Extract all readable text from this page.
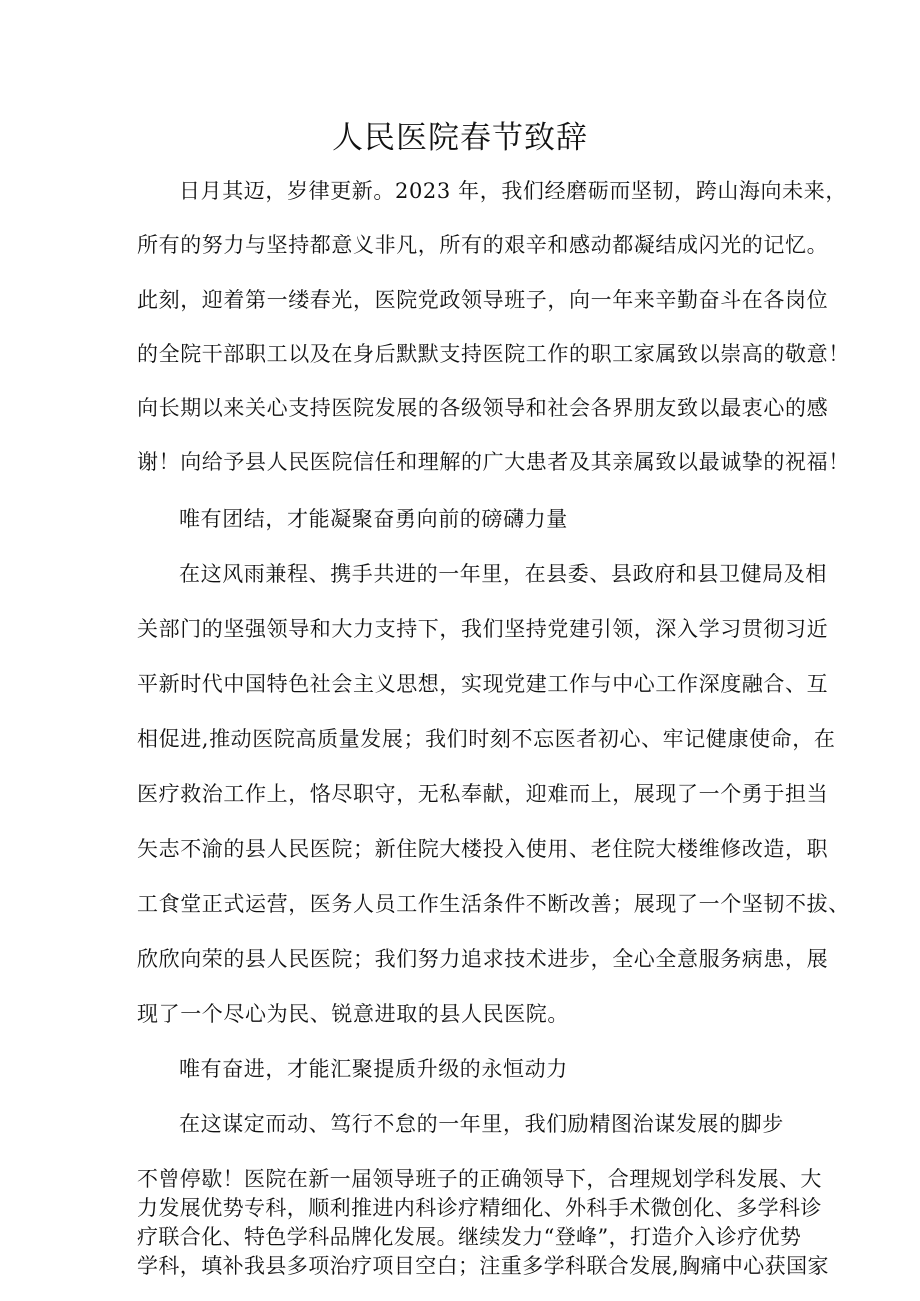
人民医院春节致辞

日月其迈，岁律更新。2023 年，我们经磨砺而坚韧，跨山海向未来，

所有的努力与坚持都意义非凡，所有的艰辛和感动都凝结成闪光的记忆。

此刻，迎着第一缕春光，医院党政领导班子，向一年来辛勤奋斗在各岗位

的全院干部职工以及在身后默默支持医院工作的职工家属致以崇高的敬意！

向长期以来关心支持医院发展的各级领导和社会各界朋友致以最衷心的感

谢！向给予县人民医院信任和理解的广大患者及其亲属致以最诚挚的祝福！

唯有团结，才能凝聚奋勇向前的磅礴力量

在这风雨兼程、携手共进的一年里，在县委、县政府和县卫健局及相

关部门的坚强领导和大力支持下，我们坚持党建引领，深入学习贯彻习近

平新时代中国特色社会主义思想，实现党建工作与中心工作深度融合、互

相促进,推动医院高质量发展；我们时刻不忘医者初心、牢记健康使命，在

医疗救治工作上，恪尽职守，无私奉献，迎难而上，展现了一个勇于担当

矢志不渝的县人民医院；新住院大楼投入使用、老住院大楼维修改造，职

工食堂正式运营，医务人员工作生活条件不断改善；展现了一个坚韧不拔、

欣欣向荣的县人民医院；我们努力追求技术进步，全心全意服务病患，展

现了一个尽心为民、锐意进取的县人民医院。

唯有奋进，才能汇聚提质升级的永恒动力

在这谋定而动、笃行不怠的一年里，我们励精图治谋发展的脚步

不曾停歇！医院在新一届领导班子的正确领导下，合理规划学科发展、大

力发展优势专科，顺利推进内科诊疗精细化、外科手术微创化、多学科诊

疗联合化、特色学科品牌化发展。继续发力“登峰”，打造介入诊疗优势

学科，填补我县多项治疗项目空白；注重多学科联合发展,胸痛中心获国家
